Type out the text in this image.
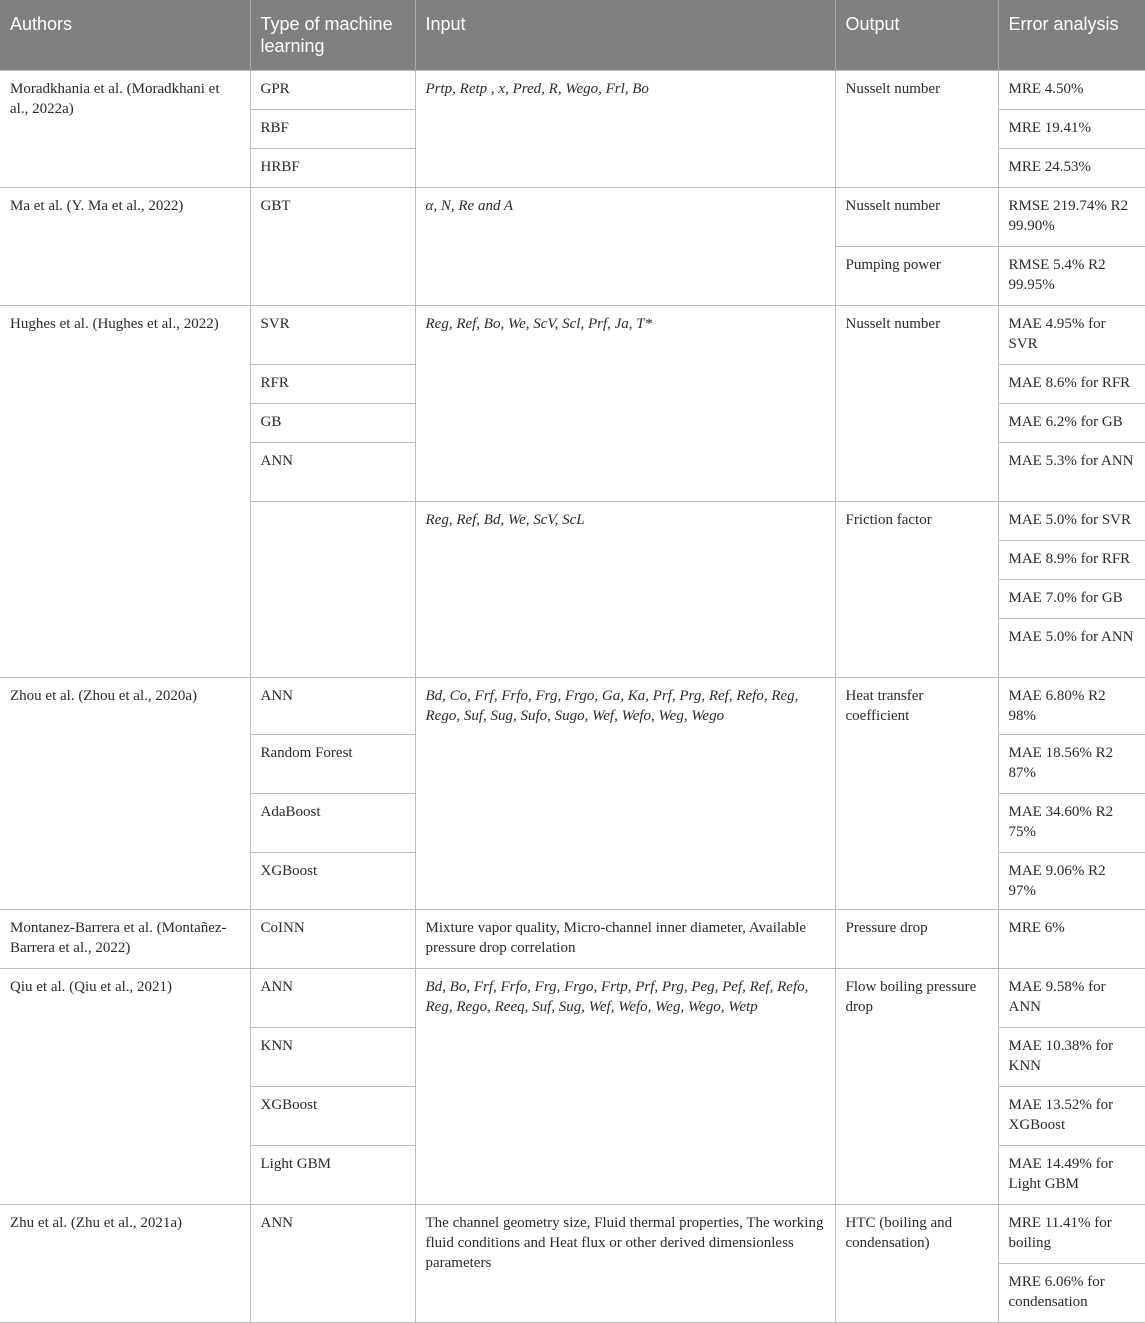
Authors	Type of machine learning	Input	Output	Error analysis
Moradkhania et al. (Moradkhani et al., 2022a)	GPR	Prtp, Retp , x, Pred, R, Wego, Frl, Bo	Nusselt number	MRE 4.50%
	RBF			MRE 19.41%
	HRBF			MRE 24.53%
Ma et al. (Y. Ma et al., 2022)	GBT	α, N, Re and A	Nusselt number	RMSE 219.74% R2 99.90%
			Pumping power	RMSE 5.4% R2 99.95%
Hughes et al. (Hughes et al., 2022)	SVR	Reg, Ref, Bo, We, ScV, Scl, Prf, Ja, T*	Nusselt number	MAE 4.95% for SVR
	RFR			MAE 8.6% for RFR
	GB			MAE 6.2% for GB
	ANN			MAE 5.3% for ANN
		Reg, Ref, Bd, We, ScV, ScL	Friction factor	MAE 5.0% for SVR
				MAE 8.9% for RFR
				MAE 7.0% for GB
				MAE 5.0% for ANN
Zhou et al. (Zhou et al., 2020a)	ANN	Bd, Co, Frf, Frfo, Frg, Frgo, Ga, Ka, Prf, Prg, Ref, Refo, Reg, Rego, Suf, Sug, Sufo, Sugo, Wef, Wefo, Weg, Wego	Heat transfer coefficient	MAE 6.80% R2 98%
	Random Forest			MAE 18.56% R2 87%
	AdaBoost			MAE 34.60% R2 75%
	XGBoost			MAE 9.06% R2 97%
Montanez-Barrera et al. (Montañez-Barrera et al., 2022)	CoINN	Mixture vapor quality, Micro-channel inner diameter, Available pressure drop correlation	Pressure drop	MRE 6%
Qiu et al. (Qiu et al., 2021)	ANN	Bd, Bo, Frf, Frfo, Frg, Frgo, Frtp, Prf, Prg, Peg, Pef, Ref, Refo, Reg, Rego, Reeq, Suf, Sug, Wef, Wefo, Weg, Wego, Wetp	Flow boiling pressure drop	MAE 9.58% for ANN
	KNN			MAE 10.38% for KNN
	XGBoost			MAE 13.52% for XGBoost
	Light GBM			MAE 14.49% for Light GBM
Zhu et al. (Zhu et al., 2021a)	ANN	The channel geometry size, Fluid thermal properties, The working fluid conditions and Heat flux or other derived dimensionless parameters	HTC (boiling and condensation)	MRE 11.41% for boiling
				MRE 6.06% for condensation
